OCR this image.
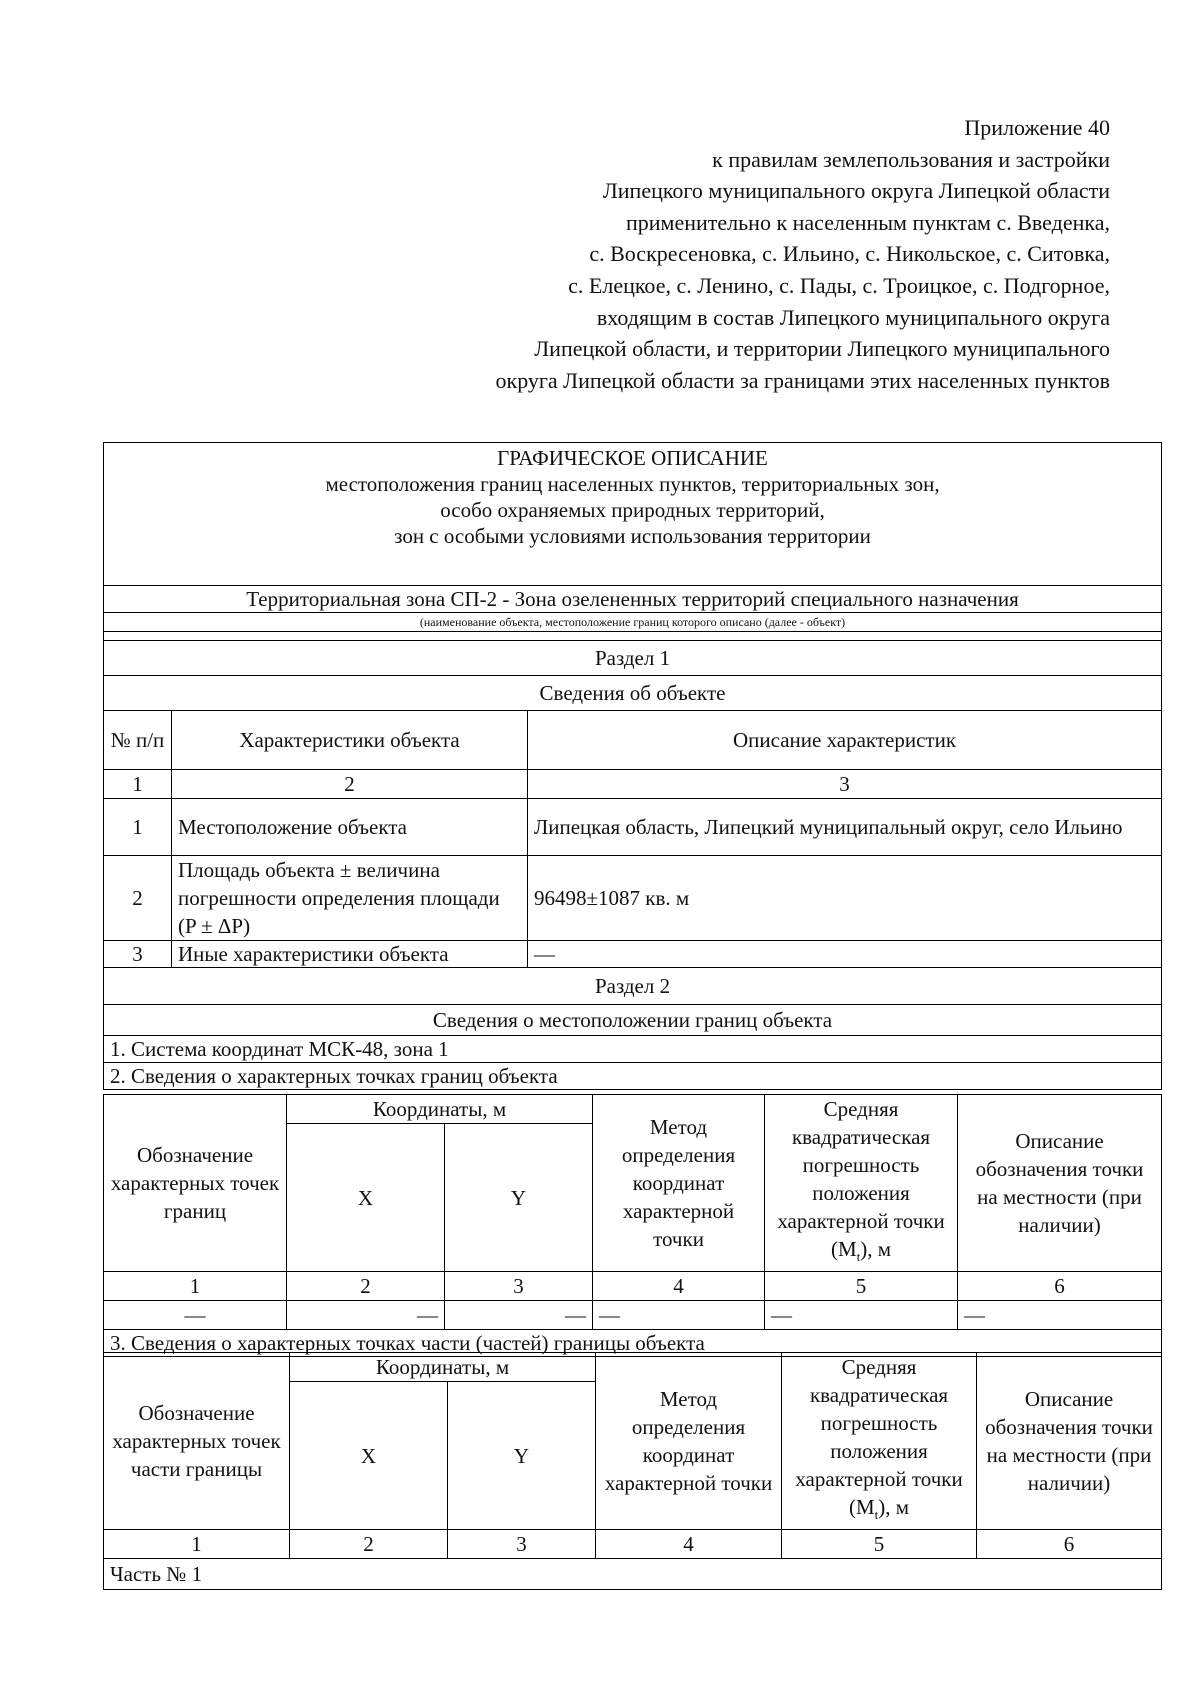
Приложение 40
к правилам землепользования и застройки
Липецкого муниципального округа Липецкой области
применительно к населенным пунктам с. Введенка,
с. Воскресеновка, с. Ильино, с. Никольское, с. Ситовка,
с. Елецкое, с. Ленино, с. Пады, с. Троицкое, с. Подгорное,
входящим в состав Липецкого муниципального округа
Липецкой области, и территории Липецкого муниципального
округа Липецкой области за границами этих населенных пунктов
ГРАФИЧЕСКОЕ ОПИСАНИЕ
местоположения границ населенных пунктов, территориальных зон,
особо охраняемых природных территорий,
зон с особыми условиями использования территории		

Территориальная зона СП-2 - Зона озелененных территорий специального назначения		
(наименование объекта, местоположение границ которого описано (далее - объект)		

Раздел 1		
Сведения об объекте		
№ п/п	Характеристики объекта	Описание характеристик
1	2	3
1	Местоположение объекта	Липецкая область, Липецкий муниципальный округ, село Ильино
2	Площадь объекта ± величина погрешности определения площади (P ± ΔP)	96498±1087 кв. м
3	Иные характеристики объекта	—
Раздел 2		
Сведения о местоположении границ объекта		
1. Система координат МСК-48, зона 1		
2. Сведения о характерных точках границ объекта		
Обозначение характерных точек границ	Координаты, м		Метод определения координат характерной точки	Средняя квадратическая погрешность положения характерной точки $(M_t)$, м	Описание обозначения точки на местности (при наличии)
	X	Y			
1	2	3	4	5	6
—	—	—	—	—	—
3. Сведения о характерных точках части (частей) границы объекта					
Обозначение характерных точек части границы	Координаты, м		Метод определения координат характерной точки	Средняя квадратическая погрешность положения характерной точки $(M_t)$, м	Описание обозначения точки на местности (при наличии)
	X	Y			
1	2	3	4	5	6
Часть № 1					
